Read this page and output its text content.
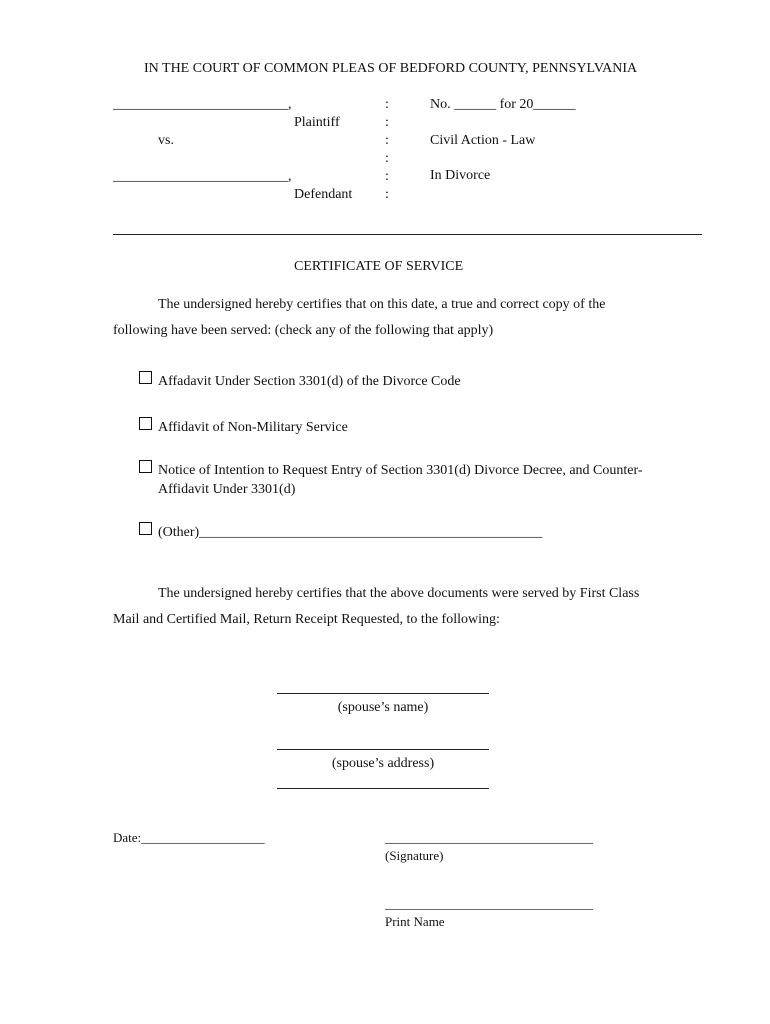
IN THE COURT OF COMMON PLEAS OF BEDFORD COUNTY, PENNSYLVANIA
_________________________,
Plaintiff
vs.
_________________________,
Defendant
:
:
:
:
:
:
No. ______ for 20______
Civil Action - Law
In Divorce
CERTIFICATE OF SERVICE
The undersigned hereby certifies that on this date, a true and correct copy of the
following have been served: (check any of the following that apply)
Affadavit Under Section 3301(d) of the Divorce Code
Affidavit of Non-Military Service
Notice of Intention to Request Entry of Section 3301(d) Divorce Decree, and Counter-
Affidavit Under 3301(d)
(Other)_________________________________________________
The undersigned hereby certifies that the above documents were served by First Class
Mail and Certified Mail, Return Receipt Requested, to the following:
(spouse’s name)
(spouse’s address)
Date:___________________	________________________________
(Signature)
________________________________
Print Name
